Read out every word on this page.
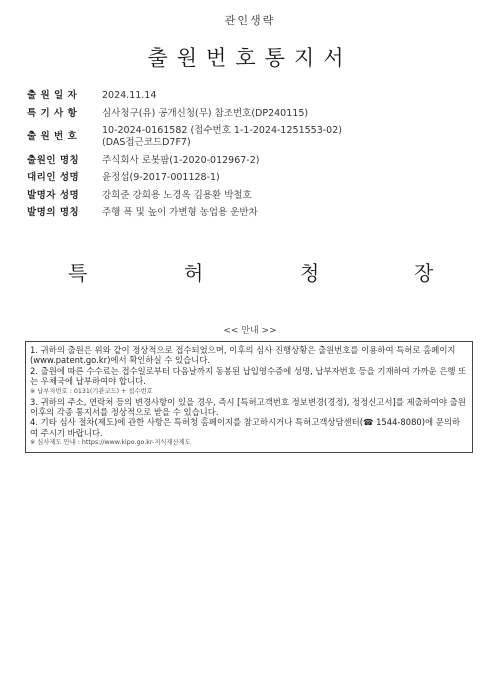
관인생략
출원번호통지서
출 원 일 자	2024.11.14
특 기 사 항	심사청구(유) 공개신청(무) 참조번호(DP240115)
출 원 번 호
10-2024-0161582 (접수번호 1-1-2024-1251553-02)
(DAS접근코드D7F7)
출원인 명칭	주식회사 로봇팜(1-2020-012967-2)
대리인 성명	윤정섭(9-2017-001128-1)
발명자 성명	강희준 강희용 노경옥 김용환 박철호
발명의 명칭	주행 폭 및 높이 가변형 농업용 운반차
특	허	청	장
<< 안내 >>

1. 귀하의 출원은 위와 같이 정상적으로 접수되었으며, 이후의 심사 진행상황은 출원번호를 이용하여 특허로 홈페이지(www.patent.go.kr)에서 확인하실 수 있습니다.

2. 출원에 따른 수수료는 접수일로부터 다음날까지 동봉된 납입영수증에 성명, 납부자번호 등을 기재하여 가까운 은행 또는 우체국에 납부하여야 합니다.

※ 납부자번호 : 0131(기관코드) + 접수번호

3. 귀하의 주소, 연락처 등의 변경사항이 있을 경우, 즉시 [특허고객번호 정보변경(경정), 정정신고서]를 제출하여야 출원 이후의 각종 통지서를 정상적으로 받을 수 있습니다.

4. 기타 심사 절차(제도)에 관한 사항은 특허청 홈페이지를 참고하시거나 특허고객상담센터(☎ 1544-8080)에 문의하여 주시기 바랍니다.

※ 심사제도 안내 : https://www.kipo.go.kr-지식재산제도
